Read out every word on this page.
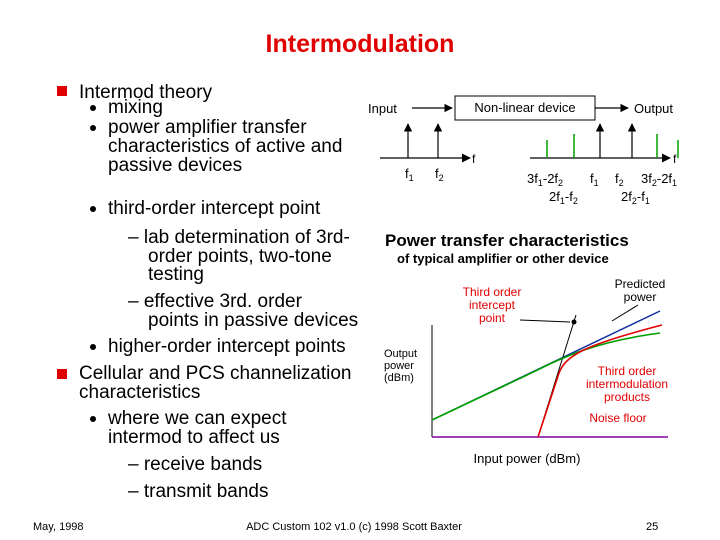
Intermodulation
Intermod theory
mixing
power amplifier transfer
characteristics of active and
passive devices
third-order intercept point
– lab determination of 3rd-
order points, two-tone
testing
– effective 3rd. order
points in passive devices
higher-order intercept points
Cellular and PCS channelization
characteristics
where we can expect
intermod to affect us
– receive bands
– transmit bands
Input	Non-linear device	Output
f
$f_1$ $f_2$
f
$3f_1-2f_2$ $f_1$ $f_2$ $3f_2-2f_1$
$2f_1-f_2$	$2f_2-f_1$
Power transfer characteristics
of typical amplifier or other device
Third order intercept point
Predicted power
Output power (dBm)	Third order intermodulation products
Noise floor
Input power (dBm)
May, 1998	ADC Custom 102 v1.0 (c) 1998 Scott Baxter	25
